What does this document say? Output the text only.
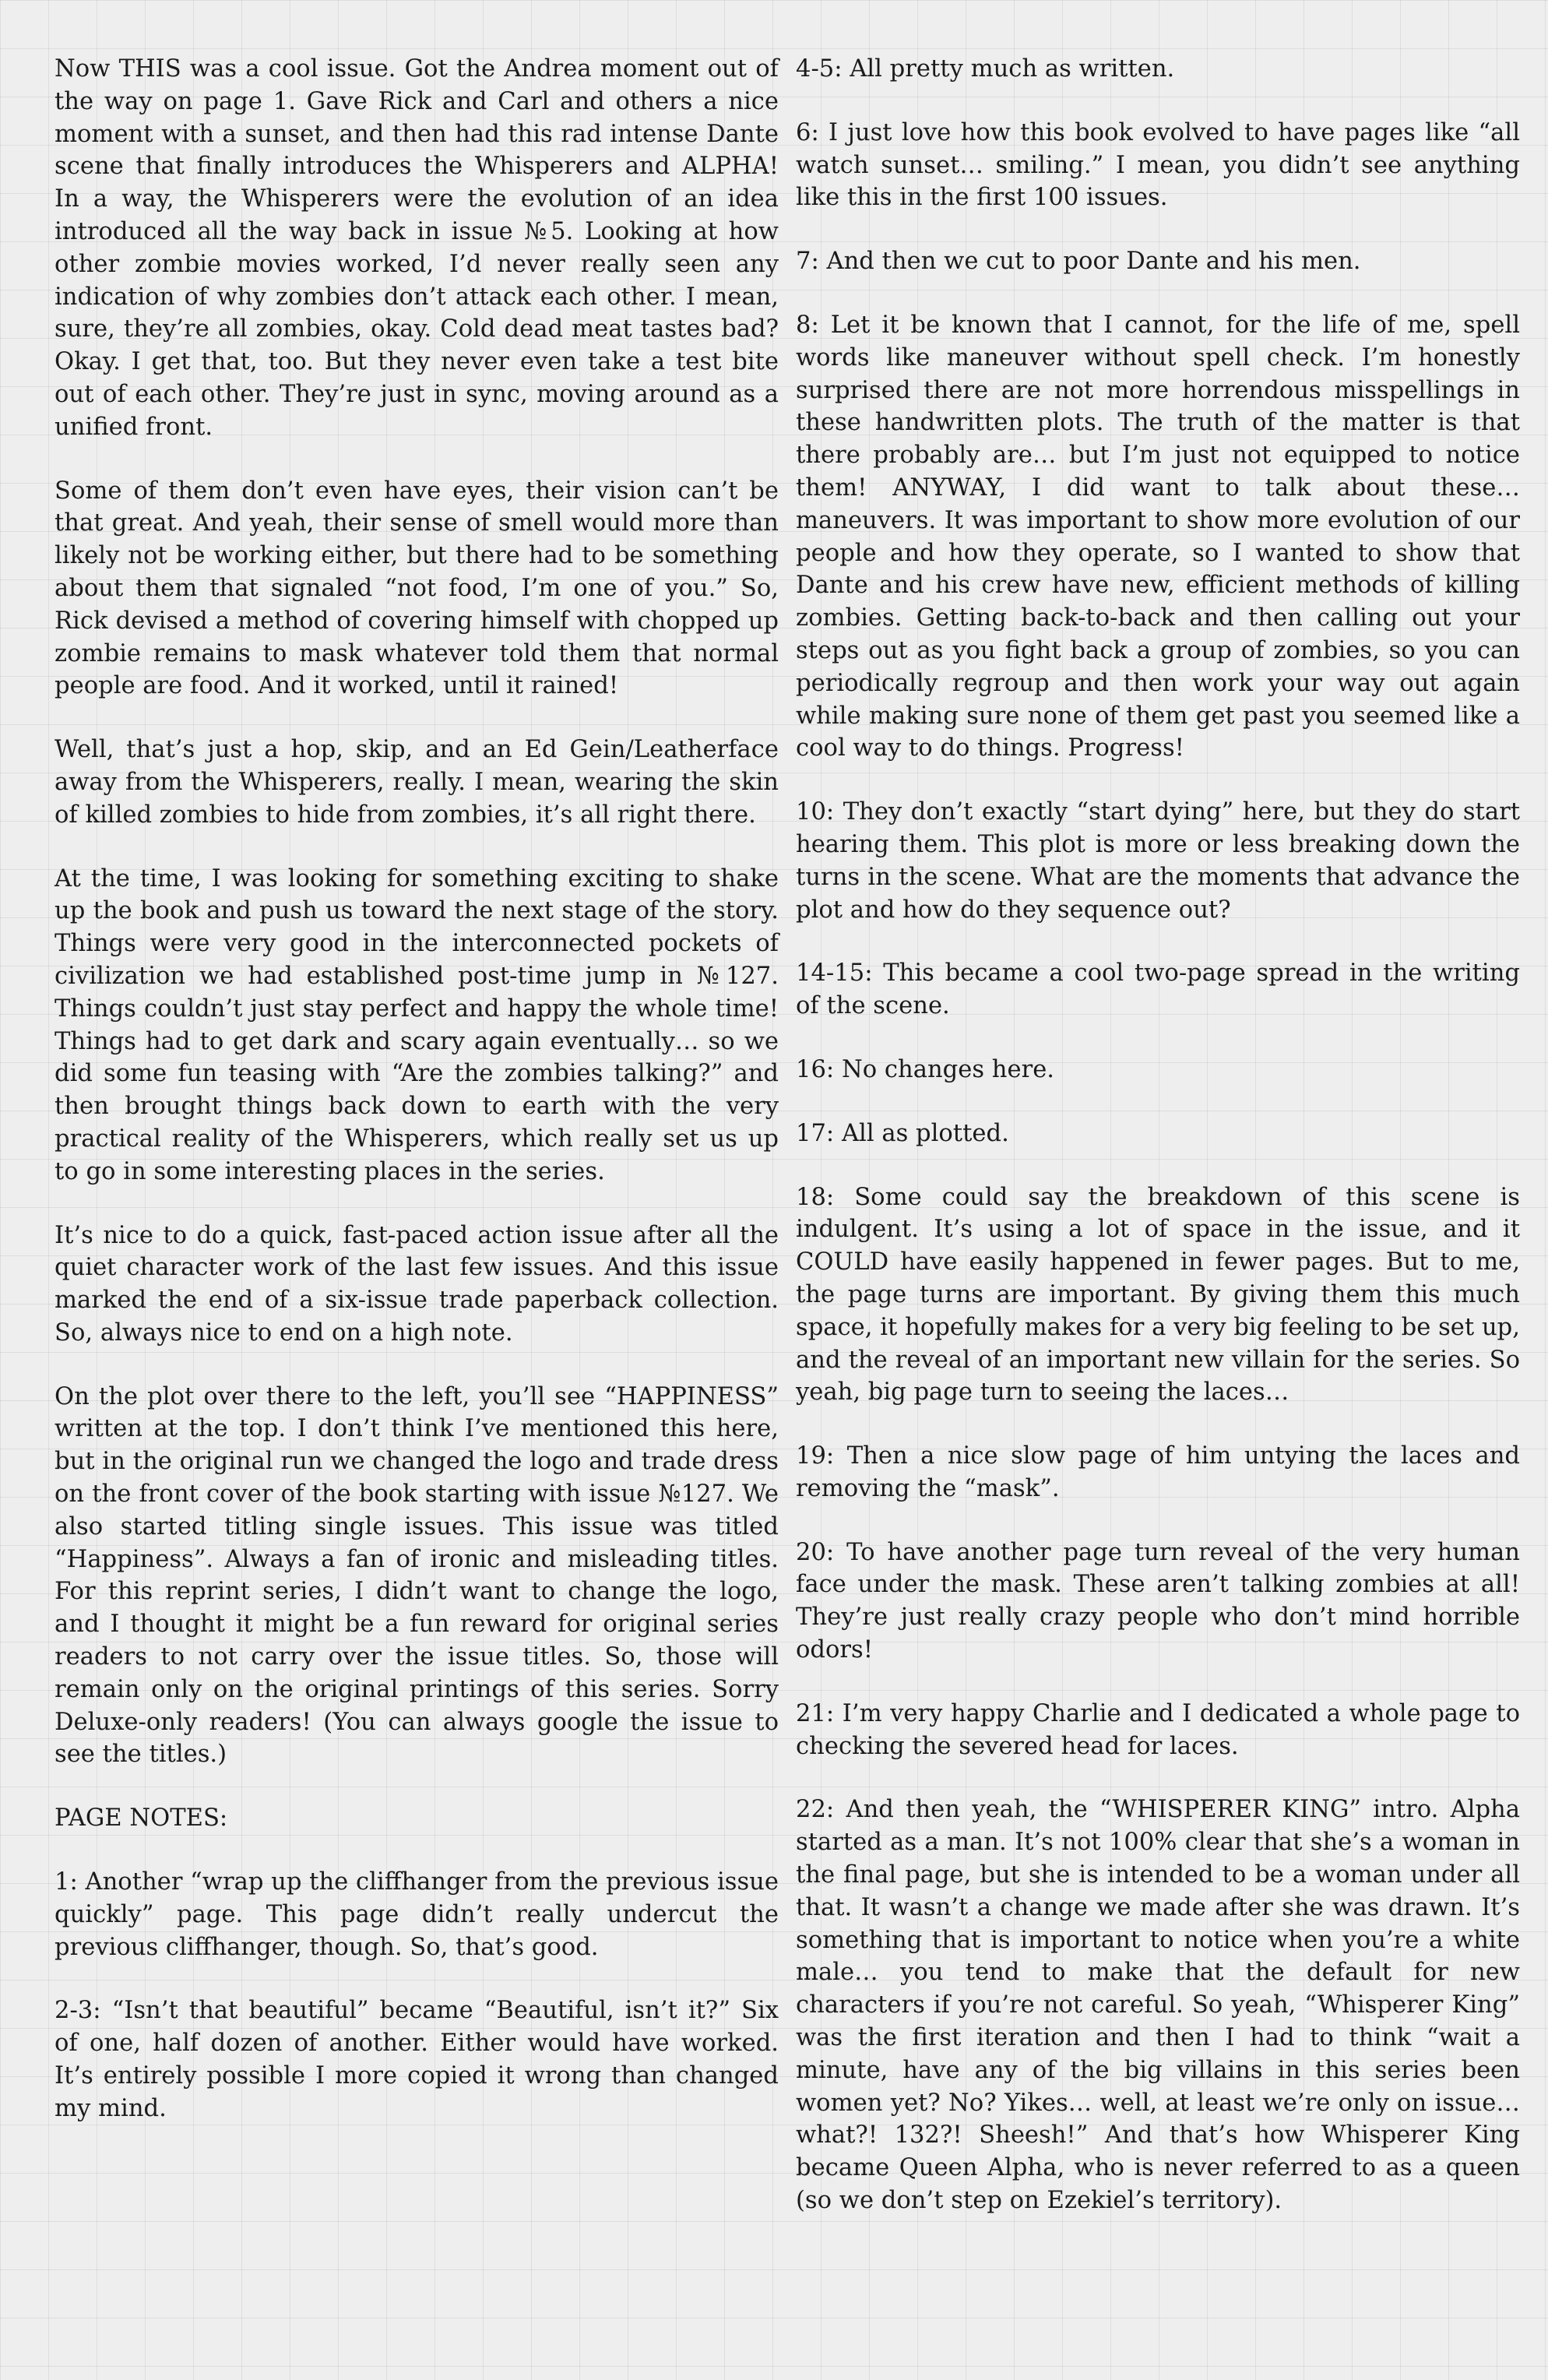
Now THIS was a cool issue. Got the Andrea moment out of the way on page 1. Gave Rick and Carl and others a nice moment with a sunset, and then had this rad intense Dante scene that finally introduces the Whisperers and ALPHA! In a way, the Whisperers were the evolution of an idea introduced all the way back in issue №5. Looking at how other zombie movies worked, I’d never really seen any indication of why zombies don’t attack each other. I mean, sure, they’re all zombies, okay. Cold dead meat tastes bad? Okay. I get that, too. But they never even take a test bite out of each other. They’re just in sync, moving around as a unified front.

Some of them don’t even have eyes, their vision can’t be that great. And yeah, their sense of smell would more than likely not be working either, but there had to be something about them that signaled “not food, I’m one of you.” So, Rick devised a method of covering himself with chopped up zombie remains to mask whatever told them that normal people are food. And it worked, until it rained!

Well, that’s just a hop, skip, and an Ed Gein/Leatherface away from the Whisperers, really. I mean, wearing the skin of killed zombies to hide from zombies, it’s all right there.

At the time, I was looking for something exciting to shake up the book and push us toward the next stage of the story. Things were very good in the interconnected pockets of civilization we had established post-time jump in №127. Things couldn’t just stay perfect and happy the whole time! Things had to get dark and scary again eventually… so we did some fun teasing with “Are the zombies talking?” and then brought things back down to earth with the very practical reality of the Whisperers, which really set us up to go in some interesting places in the series.

It’s nice to do a quick, fast-paced action issue after all the quiet character work of the last few issues. And this issue marked the end of a six-issue trade paperback collection. So, always nice to end on a high note.

On the plot over there to the left, you’ll see “HAPPINESS” written at the top. I don’t think I’ve mentioned this here, but in the original run we changed the logo and trade dress on the front cover of the book starting with issue №127. We also started titling single issues. This issue was titled “Happiness”. Always a fan of ironic and misleading titles. For this reprint series, I didn’t want to change the logo, and I thought it might be a fun reward for original series readers to not carry over the issue titles. So, those will remain only on the original printings of this series. Sorry Deluxe-only readers! (You can always google the issue to see the titles.)

PAGE NOTES:

1: Another “wrap up the cliffhanger from the previous issue quickly” page. This page didn’t really undercut the previous cliffhanger, though. So, that’s good.

2-3: “Isn’t that beautiful” became “Beautiful, isn’t it?” Six of one, half dozen of another. Either would have worked. It’s entirely possible I more copied it wrong than changed my mind.

4-5: All pretty much as written.

6: I just love how this book evolved to have pages like “all watch sunset… smiling.” I mean, you didn’t see anything like this in the first 100 issues.

7: And then we cut to poor Dante and his men.

8: Let it be known that I cannot, for the life of me, spell words like maneuver without spell check. I’m honestly surprised there are not more horrendous misspellings in these handwritten plots. The truth of the matter is that there probably are… but I’m just not equipped to notice them! ANYWAY, I did want to talk about these… maneuvers. It was important to show more evolution of our people and how they operate, so I wanted to show that Dante and his crew have new, efficient methods of killing zombies. Getting back-to-back and then calling out your steps out as you fight back a group of zombies, so you can periodically regroup and then work your way out again while making sure none of them get past you seemed like a cool way to do things. Progress!

10: They don’t exactly “start dying” here, but they do start hearing them. This plot is more or less breaking down the turns in the scene. What are the moments that advance the plot and how do they sequence out?

14-15: This became a cool two-page spread in the writing of the scene.

16: No changes here.

17: All as plotted.

18: Some could say the breakdown of this scene is indulgent. It’s using a lot of space in the issue, and it COULD have easily happened in fewer pages. But to me, the page turns are important. By giving them this much space, it hopefully makes for a very big feeling to be set up, and the reveal of an important new villain for the series. So yeah, big page turn to seeing the laces…

19: Then a nice slow page of him untying the laces and removing the “mask”.

20: To have another page turn reveal of the very human face under the mask. These aren’t talking zombies at all! They’re just really crazy people who don’t mind horrible odors!

21: I’m very happy Charlie and I dedicated a whole page to checking the severed head for laces.

22: And then yeah, the “WHISPERER KING” intro. Alpha started as a man. It’s not 100% clear that she’s a woman in the final page, but she is intended to be a woman under all that. It wasn’t a change we made after she was drawn. It’s something that is important to notice when you’re a white male… you tend to make that the default for new characters if you’re not careful. So yeah, “Whisperer King” was the first iteration and then I had to think “wait a minute, have any of the big villains in this series been women yet? No? Yikes… well, at least we’re only on issue… what?! 132?! Sheesh!” And that’s how Whisperer King became Queen Alpha, who is never referred to as a queen (so we don’t step on Ezekiel’s territory).
